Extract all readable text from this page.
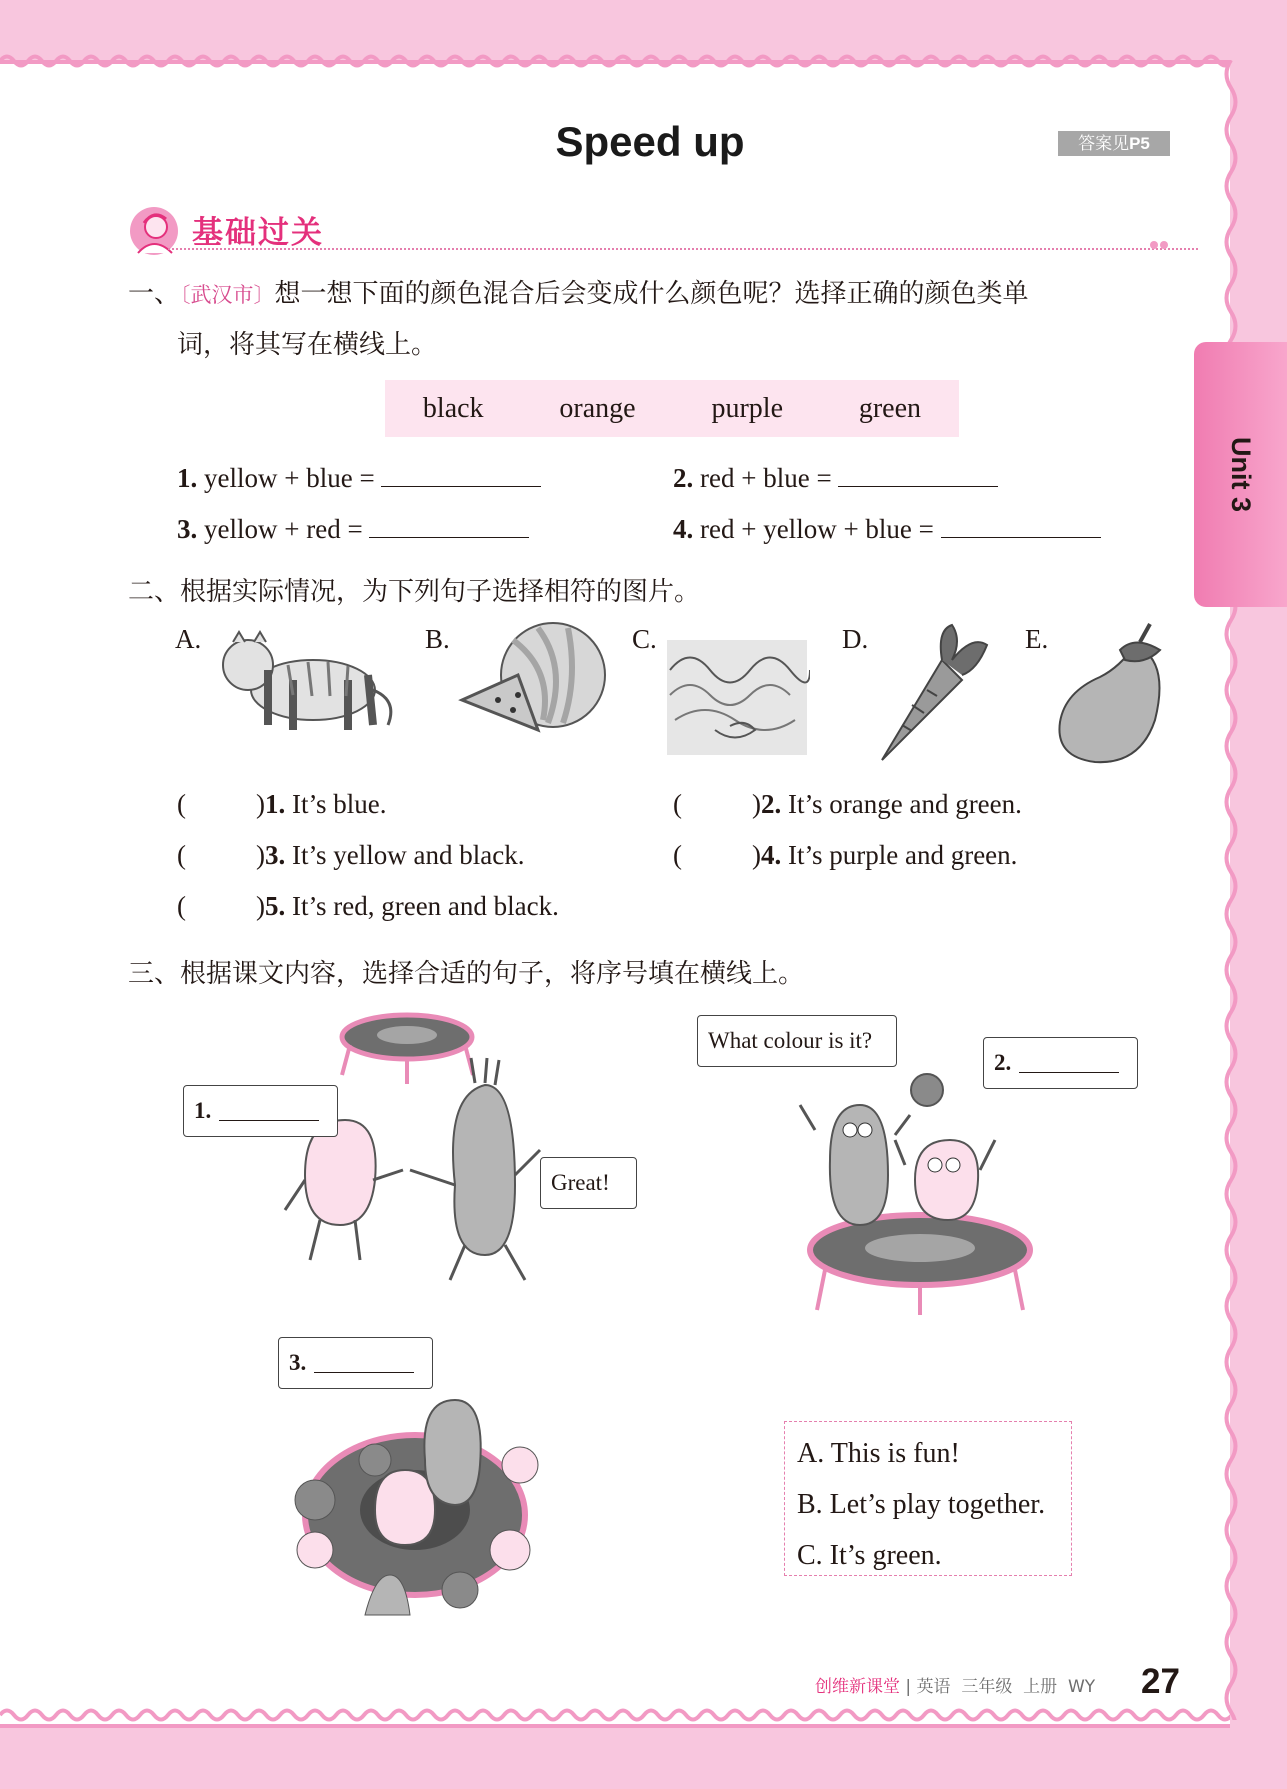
Speed up	答案见P5
Unit 3
基础过关
一、〔武汉市〕想一想下面的颜色混合后会变成什么颜色呢？选择正确的颜色类单
词，将其写在横线上。
black	orange	purple	green
1. yellow + blue =	2. red + blue =
3. yellow + red =	4. red + yellow + blue =
二、根据实际情况，为下列句子选择相符的图片。
A.	B.	C.	D.	E.
(	)1. It’s blue.	(	)2. It’s orange and green.
(	)3. It’s yellow and black.	(	)4. It’s purple and green.
(	)5. It’s red, green and black.
三、根据课文内容，选择合适的句子，将序号填在横线上。
1.
Great!
What colour is it?
2.
3.
A. This is fun!
B. Let’s play together.
C. It’s green.
创维新课堂 | 英语 三年级 上册 WY 27
